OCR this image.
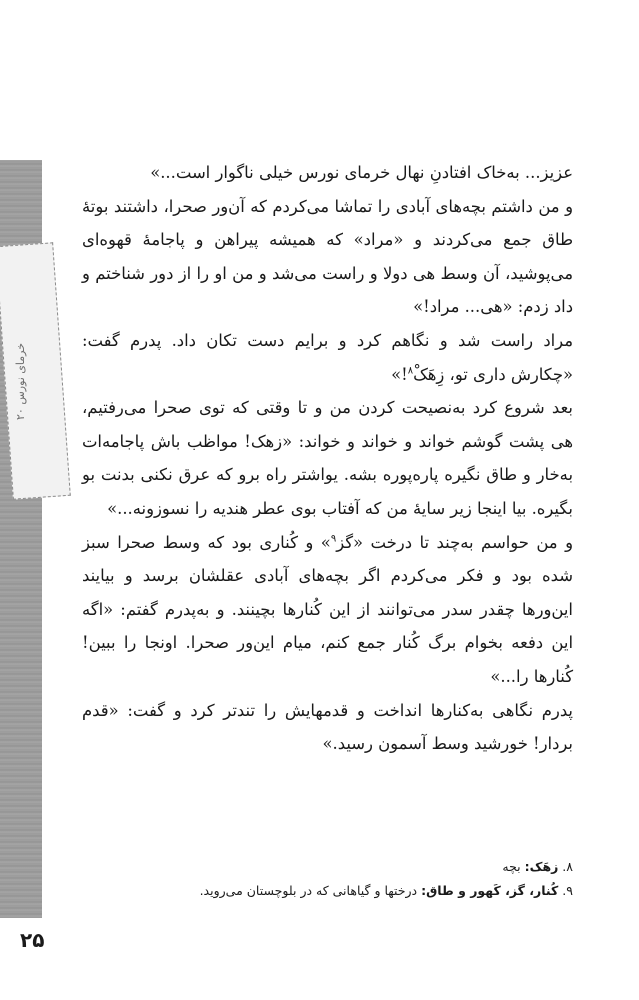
۲۰ خرمای نورس

عزیز... به‌خاک افتادنِ نهال خرمای نورس خیلی ناگوار است...»

و من داشتم بچه‌های آبادی را تماشا می‌کردم که آن‌ور صحرا، داشتند بوتهٔ طاق جمع می‌کردند و «مراد» که همیشه پیراهن و پاجامهٔ قهوه‌ای می‌پوشید، آن وسط هی دولا و راست می‌شد و من او را از دور شناختم و داد زدم: «هی... مراد!»

مراد راست شد و نگاهم کرد و برایم دست تکان داد. پدرم گفت: «چکارش داری تو، زِهَکْ$^۸$!»

بعد شروع کرد به‌نصیحت کردن من و تا وقتی که توی صحرا می‌رفتیم، هی پشت گوشم خواند و خواند و خواند: «زهک! مواظب باش پاجامه‌ات به‌خار و طاق نگیره پاره‌پوره بشه. یواشتر راه برو که عرق نکنی بدنت بو بگیره. بیا اینجا زیر سایهٔ من که آفتاب بوی عطر هندیه را نسوزونه...»

و من حواسم به‌چند تا درخت «گز$^۹$» و کُناری بود که وسط صحرا سبز شده بود و فکر می‌کردم اگر بچه‌های آبادی عقلشان برسد و بیایند این‌ورها چقدر سدر می‌توانند از این کُنارها بچینند. و به‌پدرم گفتم: «اگه این دفعه بخوام برگ کُنار جمع کنم، میام این‌ور صحرا. اونجا را ببین! کُنارها را...»

پدرم نگاهی به‌کنارها انداخت و قدمهایش را تندتر کرد و گفت: «قدم بردار! خورشید وسط آسمون رسید.»

۸. زهَک: بچه
۹. کُنار، گز، کَهور و طاق: درختها و گیاهانی که در بلوچستان می‌روید.
۲۵
